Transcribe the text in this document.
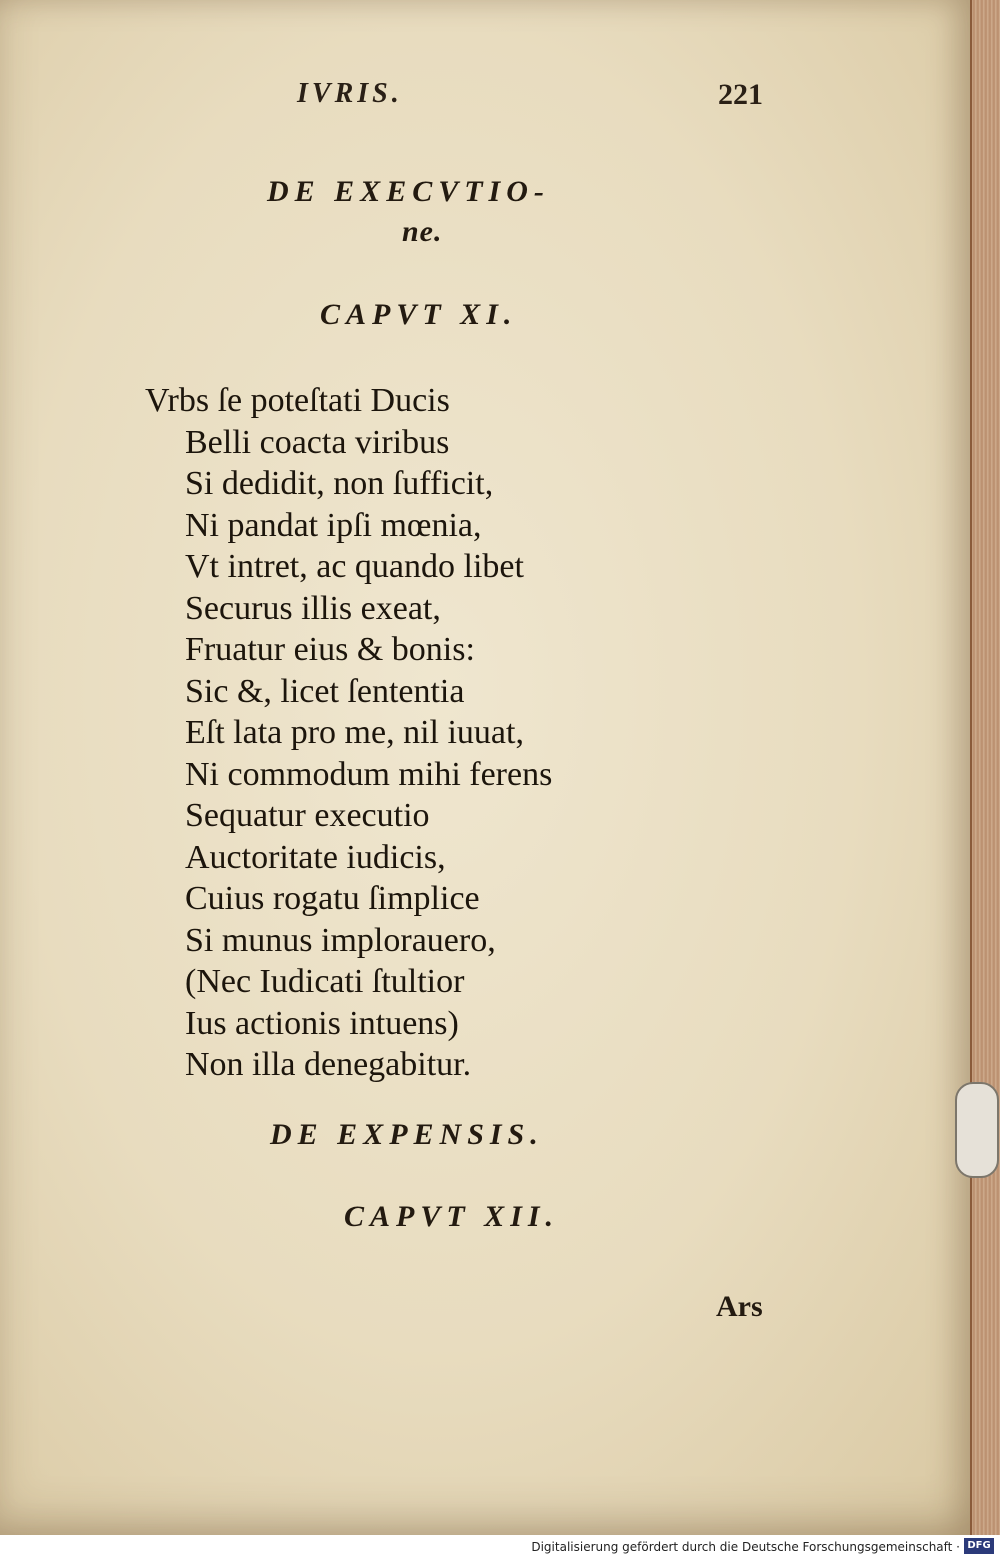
IVRIS.	221
DE EXECVTIO-
ne.
CAPVT XI.
Vrbs ſe poteſtati Ducis
Belli coacta viribus
Si dedidit, non ſufficit,
Ni pandat ipſi mœnia,
Vt intret, ac quando libet
Securus illis exeat,
Fruatur eius & bonis:
Sic &, licet ſententia
Eſt lata pro me, nil iuuat,
Ni commodum mihi ferens
Sequatur executio
Auctoritate iudicis,
Cuius rogatu ſimplice
Si munus implorauero,
(Nec Iudicati ſtultior
Ius actionis intuens)
Non illa denegabitur.
DE EXPENSIS.
CAPVT XII.
Ars
Digitalisierung gefördert durch die Deutsche Forschungsgemeinschaft · DFG
